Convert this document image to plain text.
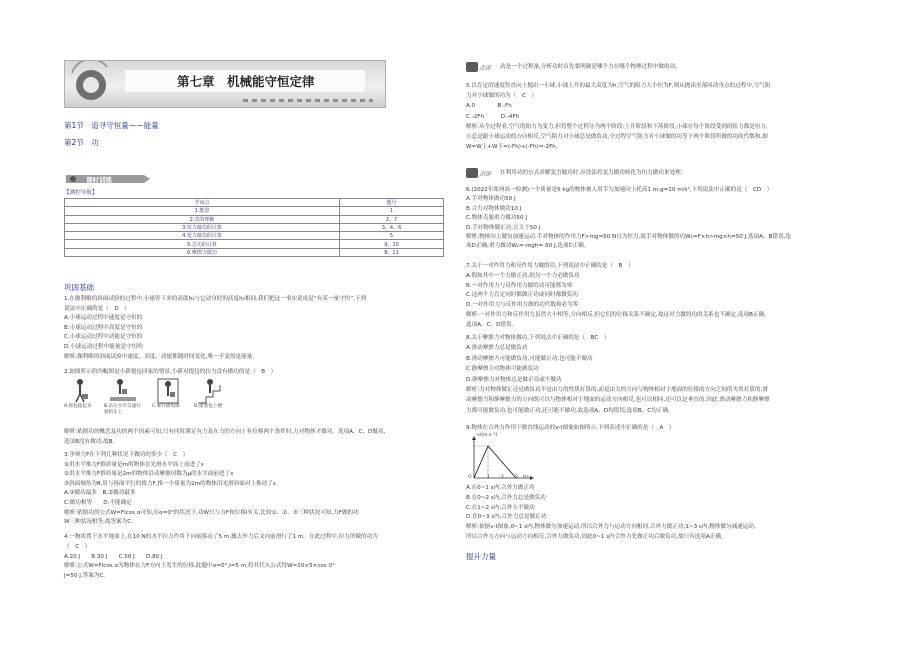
第七章　机械能守恒定律
第1节　追寻守恒量——能量
第2节　功
课时训练
【测控导航】
学问点	题号
1.能量	1
2.功的理解	2、7
3.恒力做功的计算	3、4、6
4.变力做功的计算	5
5.总功的计算	9、10
6.摩擦力做功	8、11
巩固基础
1.在伽利略的斜面试验的过程中,小球停下来的高度h₁与它动身时的高度h₂相同,我们把这一事实说成是“有某一量守恒”,下列
说法中正确的是（　D　）
A.小球运动过程中速度是守恒的
B.小球运动过程中高度是守恒的
C.小球运动过程中动能是守恒的
D.小球运动过程中能量是守恒的
解析:伽利略的斜面试验中速度、高度、动能都随时间变化,唯一不变的是能量。
2.如图所示的四幅图是小新提包回家的情景,小新对提包的拉力没有做功的是（　B　）
A.将包提起来	B.站在水平匀速行驶的车上
C.乘升降电梯	D.提着包上楼
解析:依据功的概念及功的两个因素可知,只有同时满足有力及在力的方向上有位移两个条件时,力对物体才做功。选项A、C、D做功,
选项B没有做功,故B。
3.争辩力F在下列几种状况下做功的多少（　C　）
①用水平推力F推质量是m的物体在光滑水平面上前进了s
②用水平推力F推质量是2m的物体沿动摩擦因数为μ的水平面前进了s
③斜面倾角为θ,用与斜面平行的推力F,推一个质量为2m的物体沿光滑斜面对上推动了s
A.③做功最多　B.②做功最多
C.做功相等　　D.不能确定
解析:依据功的公式W=Flcos α可知,在α=0°的状况下,功W只与力F和位移l有关,比较①、②、③三种状况可知,力F做的功
W三种状况相等,故答案为C。
4.一物块置于水平地面上,在10 N的水平拉力作用下向前移动了5 m,撤去外力后又向前滑行了1 m。在此过程中,拉力所做的功为
（　C　）
A.20 J　　B.30 J　　C.50 J　　D.80 J
解析:公式W=Flcos α为物体在力F方向上发生的位移,此题中α=0°,l=5 m,将其代入公式得W=10×5×cos 0°
J=50 J,答案为C。
点评 功是一个过程量,分析功时首先要明确是哪个力在哪个物理过程中做的功。
5.以肯定的速度竖直向上抛出一小球,小球上升的最大高度为h,空气的阻力大小恒为F,则从抛出至落回动身点的过程中,空气阻
力对小球做的功为（　C　）
A.0　　　　B.-Fh
C.-2Fh　　　D.-4Fh
解析:从全过程看,空气的阻力为变力,但将整个过程分为两个阶段:上升阶段和下落阶段,小球在每个阶段受到的阻力都是恒力,
且总是跟小球运动的方向相反,空气阻力对小球总是做负功,全过程空气阻力对小球做的功等于两个阶段所做的功的代数和,即
W=W上+W下=(-Fh)+(-Fh)=-2Fh。
点评 在利用功的公式求解变力做功时,应设法将变力做功转化为恒力做功来处理。
6.(2022年郑州高一检测)一个质量是5 kg的物体被人用手匀加速向上托高1 m,g=10 m/s²,下列说法中正确的是（　CD　）
A.手对物体做功50 J
B.合力对物体做功10 J
C.物体克服重力做功50 J
D.手对物体做正功,且大于50 J
解析:物体向上做匀加速运动,手对物体的作用力F>mg=50 N且为恒力,故手对物体做的功W₁=F×h>mg×h=50 J,选项A、B错误,选
项D正确;重力做功W₂=-mgh=-50 J,选项C正确。
7.关于一对作用力和反作用力做的功,下列说法中正确的是（　B　）
A.假如其中一个力做正功,则另一个力必做负功
B.一对作用力与反作用力做的功可能都为零
C.这两个力肯定同时都做正功或同时都做负功
D.一对作用力与反作用力做的功代数和必为零
解析:一对作用力和反作用力虽然大小相等,方向相反,但它们的位移关系不确定,故这对力做的功的关系也不确定,选项B正确,
选项A、C、D错误。
8.关于摩擦力对物体做功,下列说法中正确的是（　BC　）
A.滑动摩擦力总是做负功
B.滑动摩擦力可能做负功,可能做正功,也可能不做功
C.静摩擦力对物体可能做负功
D.静摩擦力对物体总是做正功或不做功
解析:力对物体做正还是做负功不是由力的性质打算的,而是由力的方向与物体相对于地面的位移的方向之间的夹角打算的,滑
动摩擦力和静摩擦力的方向既可以与物体相对于地面的运动方向相反,也可以相同,还可以是垂直的,因此,滑动摩擦力和静摩擦
力都可能做负功,也可能做正功,还可能不做功,故选项A、D均错误,选项B、C均正确。
9.物体在合外力作用下做直线运动的v-t图象如图所示,下列表述中正确的是（　A　）
v/(m·s⁻¹)
t/s
O	1 2 3
A.在0~1 s内,合外力做正功
B.在0~2 s内,合外力总是做负功
C.在1~2 s内,合外力不做功
D.在0~3 s内,合外力总是做正功
解析:依据v-t图象,0~1 s内,物体做匀加速运动,所以合外力与运动方向相同,合外力做正功;1~3 s内,物体做匀减速运动,
所以合外力方向与运动方向相反,合外力做负功,因此0~1 s内合外力先做正功后做负功,故只有选项A正确。
提升力量
